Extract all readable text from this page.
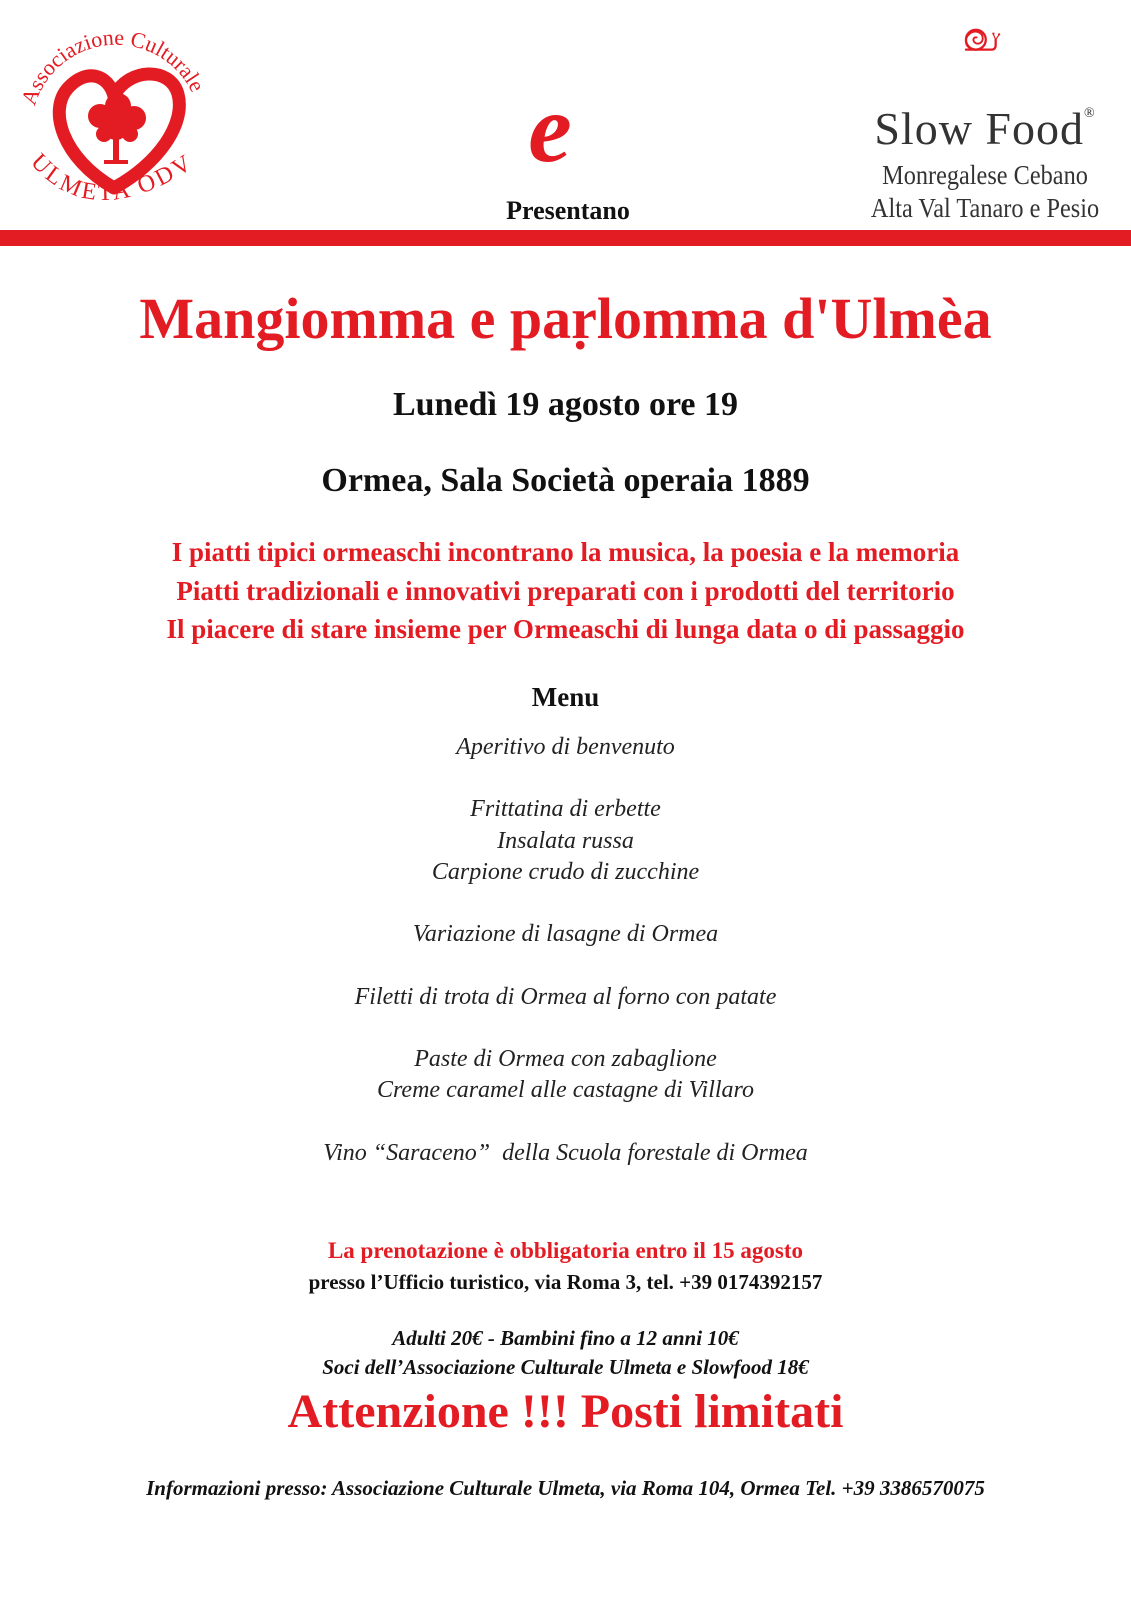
Associazione Culturale
ULMETA ODV	e
Presentano
Slow Food®
Monregalese Cebano
Alta Val Tanaro e Pesio
Mangiomma e paṛlomma d'Ulmèa
Lunedì 19 agosto ore 19
Ormea, Sala Società operaia 1889
I piatti tipici ormeaschi incontrano la musica, la poesia e la memoria
Piatti tradizionali e innovativi preparati con i prodotti del territorio
Il piacere di stare insieme per Ormeaschi di lunga data o di passaggio
Menu
Aperitivo di benvenuto
Frittatina di erbette
Insalata russa
Carpione crudo di zucchine
Variazione di lasagne di Ormea
Filetti di trota di Ormea al forno con patate
Paste di Ormea con zabaglione
Creme caramel alle castagne di Villaro
Vino “Saraceno”  della Scuola forestale di Ormea
La prenotazione è obbligatoria entro il 15 agosto
presso l’Ufficio turistico, via Roma 3, tel. +39 0174392157
Adulti 20€ - Bambini fino a 12 anni 10€
Soci dell’Associazione Culturale Ulmeta e Slowfood 18€
Attenzione !!! Posti limitati
Informazioni presso: Associazione Culturale Ulmeta, via Roma 104, Ormea Tel. +39 3386570075
